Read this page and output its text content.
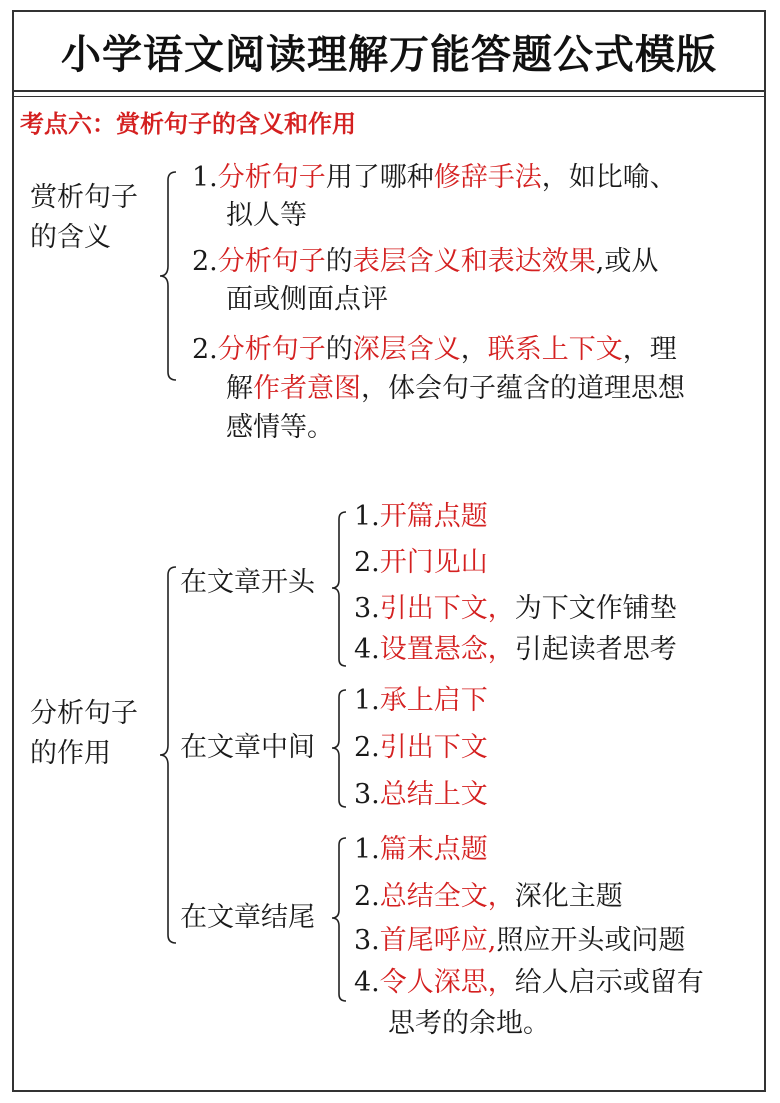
小学语文阅读理解万能答题公式模版
考点六：赏析句子的含义和作用
赏析句子
的含义
1.分析句子用了哪种修辞手法，如比喻、
拟人等
2.分析句子的表层含义和表达效果,或从
面或侧面点评
2.分析句子的深层含义，联系上下文，理
解作者意图，体会句子蕴含的道理思想
感情等。
分析句子
的作用
在文章开头
1.开篇点题
2.开门见山
3.引出下文，为下文作铺垫
4.设置悬念，引起读者思考
在文章中间
1.承上启下
2.引出下文
3.总结上文
在文章结尾
1.篇末点题
2.总结全文，深化主题
3.首尾呼应,照应开头或问题
4.令人深思，给人启示或留有
思考的余地。
